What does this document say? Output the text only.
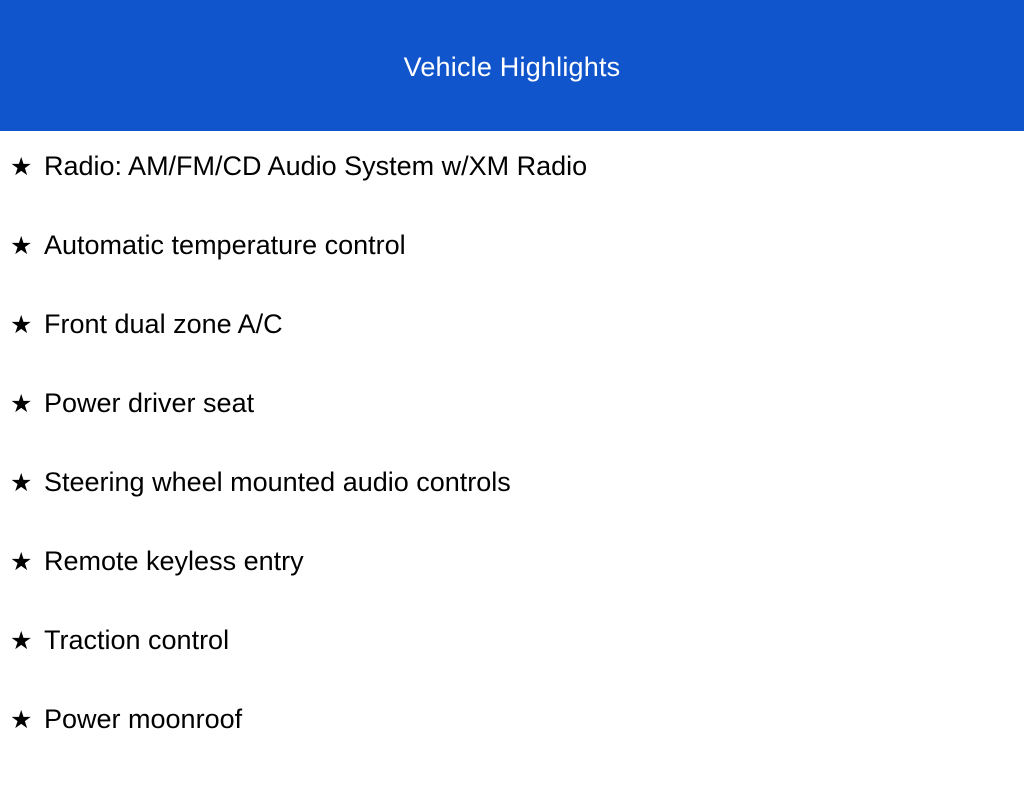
Vehicle Highlights
★ Radio: AM/FM/CD Audio System w/XM Radio
★ Automatic temperature control
★ Front dual zone A/C
★ Power driver seat
★ Steering wheel mounted audio controls
★ Remote keyless entry
★ Traction control
★ Power moonroof
